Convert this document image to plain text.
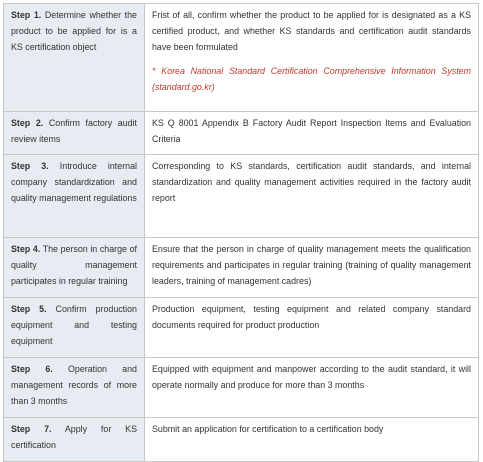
Step 1. Determine whether the product to be applied for is a KS certification object	Frist of all, confirm whether the product to be applied for is designated as a KS certified product, and whether KS standards and certification audit standards have been formulated
* Korea National Standard Certification Comprehensive Information System (standard.go.kr)

Step 2. Confirm factory audit review items	KS Q 8001 Appendix B Factory Audit Report Inspection Items and Evaluation Criteria
Step 3. Introduce internal company standardization and quality management regulations	Corresponding to KS standards, certification audit standards, and internal standardization and quality management activities required in the factory audit report
Step 4. The person in charge of quality management participates in regular training	Ensure that the person in charge of quality management meets the qualification requirements and participates in regular training (training of quality management leaders, training of management cadres)
Step 5. Confirm production equipment and testing equipment	Production equipment, testing equipment and related company standard documents required for product production
Step 6. Operation and management records of more than 3 months	Equipped with equipment and manpower according to the audit standard, it will operate normally and produce for more than 3 months
Step 7. Apply for KS certification	Submit an application for certification to a certification body
